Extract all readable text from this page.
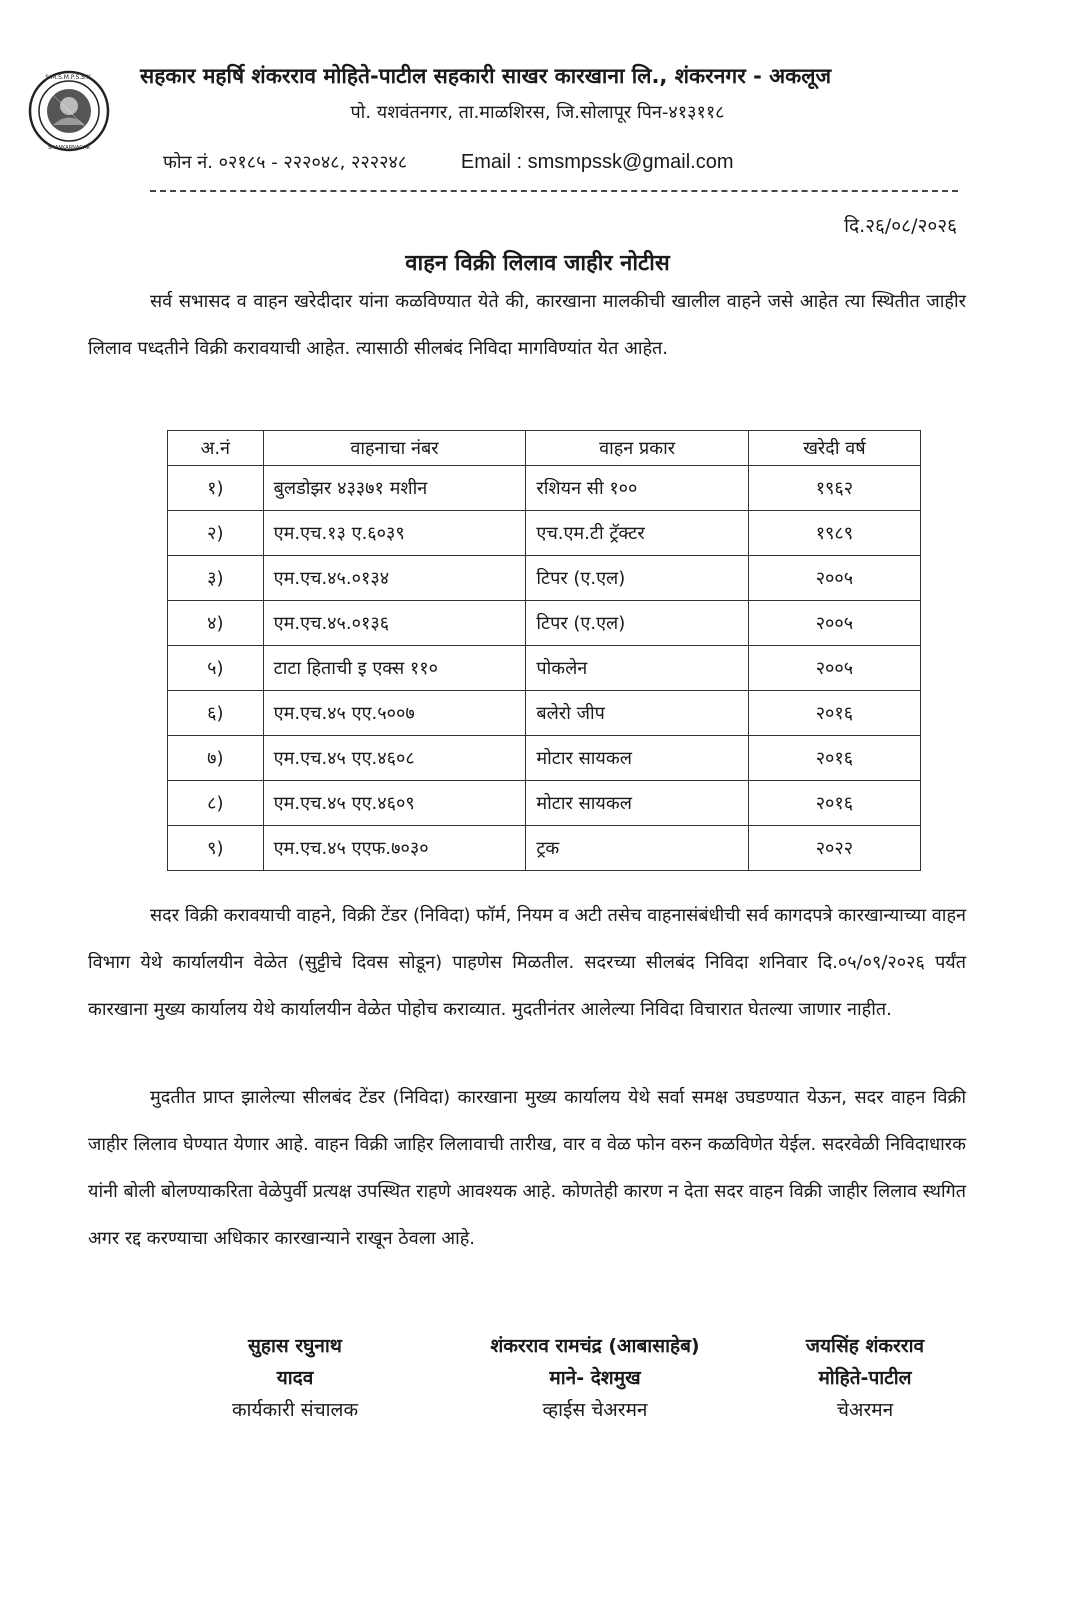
S.M.S.M.P.S.S.K.
SHANKARNAGAR
सहकार महर्षि शंकरराव मोहिते-पाटील सहकारी साखर कारखाना लि., शंकरनगर - अकलूज
पो. यशवंतनगर, ता.माळशिरस, जि.सोलापूर पिन-४१३११८
फोन नं. ०२१८५ - २२२०४८, २२२२४८	Email : smsmpssk@gmail.com
दि.२६/०८/२०२६
वाहन विक्री लिलाव जाहीर नोटीस
सर्व सभासद व वाहन खरेदीदार यांना कळविण्यात येते की, कारखाना मालकीची खालील वाहने जसे आहेत त्या स्थितीत जाहीर लिलाव पध्दतीने विक्री करावयाची आहेत. त्यासाठी सीलबंद निविदा मागविण्यांत येत आहेत.
अ.नं	वाहनाचा नंबर	वाहन प्रकार	खरेदी वर्ष
१)	बुलडोझर ४३३७१ मशीन	रशियन सी १००	१९६२
२)	एम.एच.१३ ए.६०३९	एच.एम.टी ट्रॅक्टर	१९८९
३)	एम.एच.४५.०१३४	टिपर (ए.एल)	२००५
४)	एम.एच.४५.०१३६	टिपर (ए.एल)	२००५
५)	टाटा हिताची इ एक्स ११०	पोकलेन	२००५
६)	एम.एच.४५ एए.५००७	बलेरो जीप	२०१६
७)	एम.एच.४५ एए.४६०८	मोटार सायकल	२०१६
८)	एम.एच.४५ एए.४६०९	मोटार सायकल	२०१६
९)	एम.एच.४५ एएफ.७०३०	ट्रक	२०२२
सदर विक्री करावयाची वाहने, विक्री टेंडर (निविदा) फॉर्म, नियम व अटी तसेच वाहनासंबंधीची सर्व कागदपत्रे कारखान्याच्या वाहन विभाग येथे कार्यालयीन वेळेत (सुट्टीचे दिवस सोडून) पाहणेस मिळतील. सदरच्या सीलबंद निविदा शनिवार दि.०५/०९/२०२६ पर्यंत कारखाना मुख्य कार्यालय येथे कार्यालयीन वेळेत पोहोच कराव्यात. मुदतीनंतर आलेल्या निविदा विचारात घेतल्या जाणार नाहीत.
मुदतीत प्राप्त झालेल्या सीलबंद टेंडर (निविदा) कारखाना मुख्य कार्यालय येथे सर्वा समक्ष उघडण्यात येऊन, सदर वाहन विक्री जाहीर लिलाव घेण्यात येणार आहे. वाहन विक्री जाहिर लिलावाची तारीख, वार व वेळ फोन वरुन कळविणेत येईल. सदरवेळी निविदाधारक यांनी बोली बोलण्याकरिता वेळेपुर्वी प्रत्यक्ष उपस्थित राहणे आवश्यक आहे. कोणतेही कारण न देता सदर वाहन विक्री जाहीर लिलाव स्थगित अगर रद्द करण्याचा अधिकार कारखान्याने राखून ठेवला आहे.
सुहास रघुनाथ
यादव
कार्यकारी संचालक
शंकरराव रामचंद्र (आबासाहेब)
माने- देशमुख
व्हाईस चेअरमन
जयसिंह शंकरराव
मोहिते-पाटील
चेअरमन
